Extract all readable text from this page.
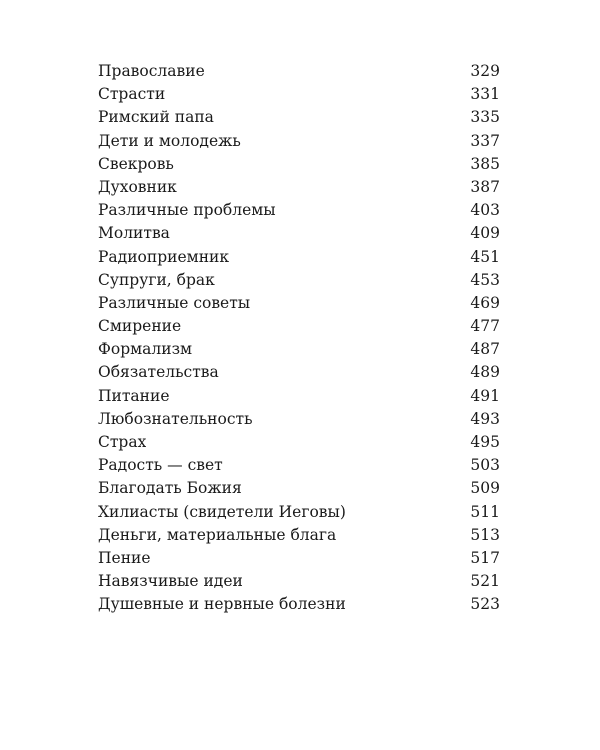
Православие	329
Страсти	331
Римский папа	335
Дети и молодежь	337
Свекровь	385
Духовник	387
Различные проблемы	403
Молитва	409
Радиоприемник	451
Супруги, брак	453
Различные советы	469
Смирение	477
Формализм	487
Обязательства	489
Питание	491
Любознательность	493
Страх	495
Радость — свет	503
Благодать Божия	509
Хилиасты (свидетели Иеговы)	511
Деньги, материальные блага	513
Пение	517
Навязчивые идеи	521
Душевные и нервные болезни	523
